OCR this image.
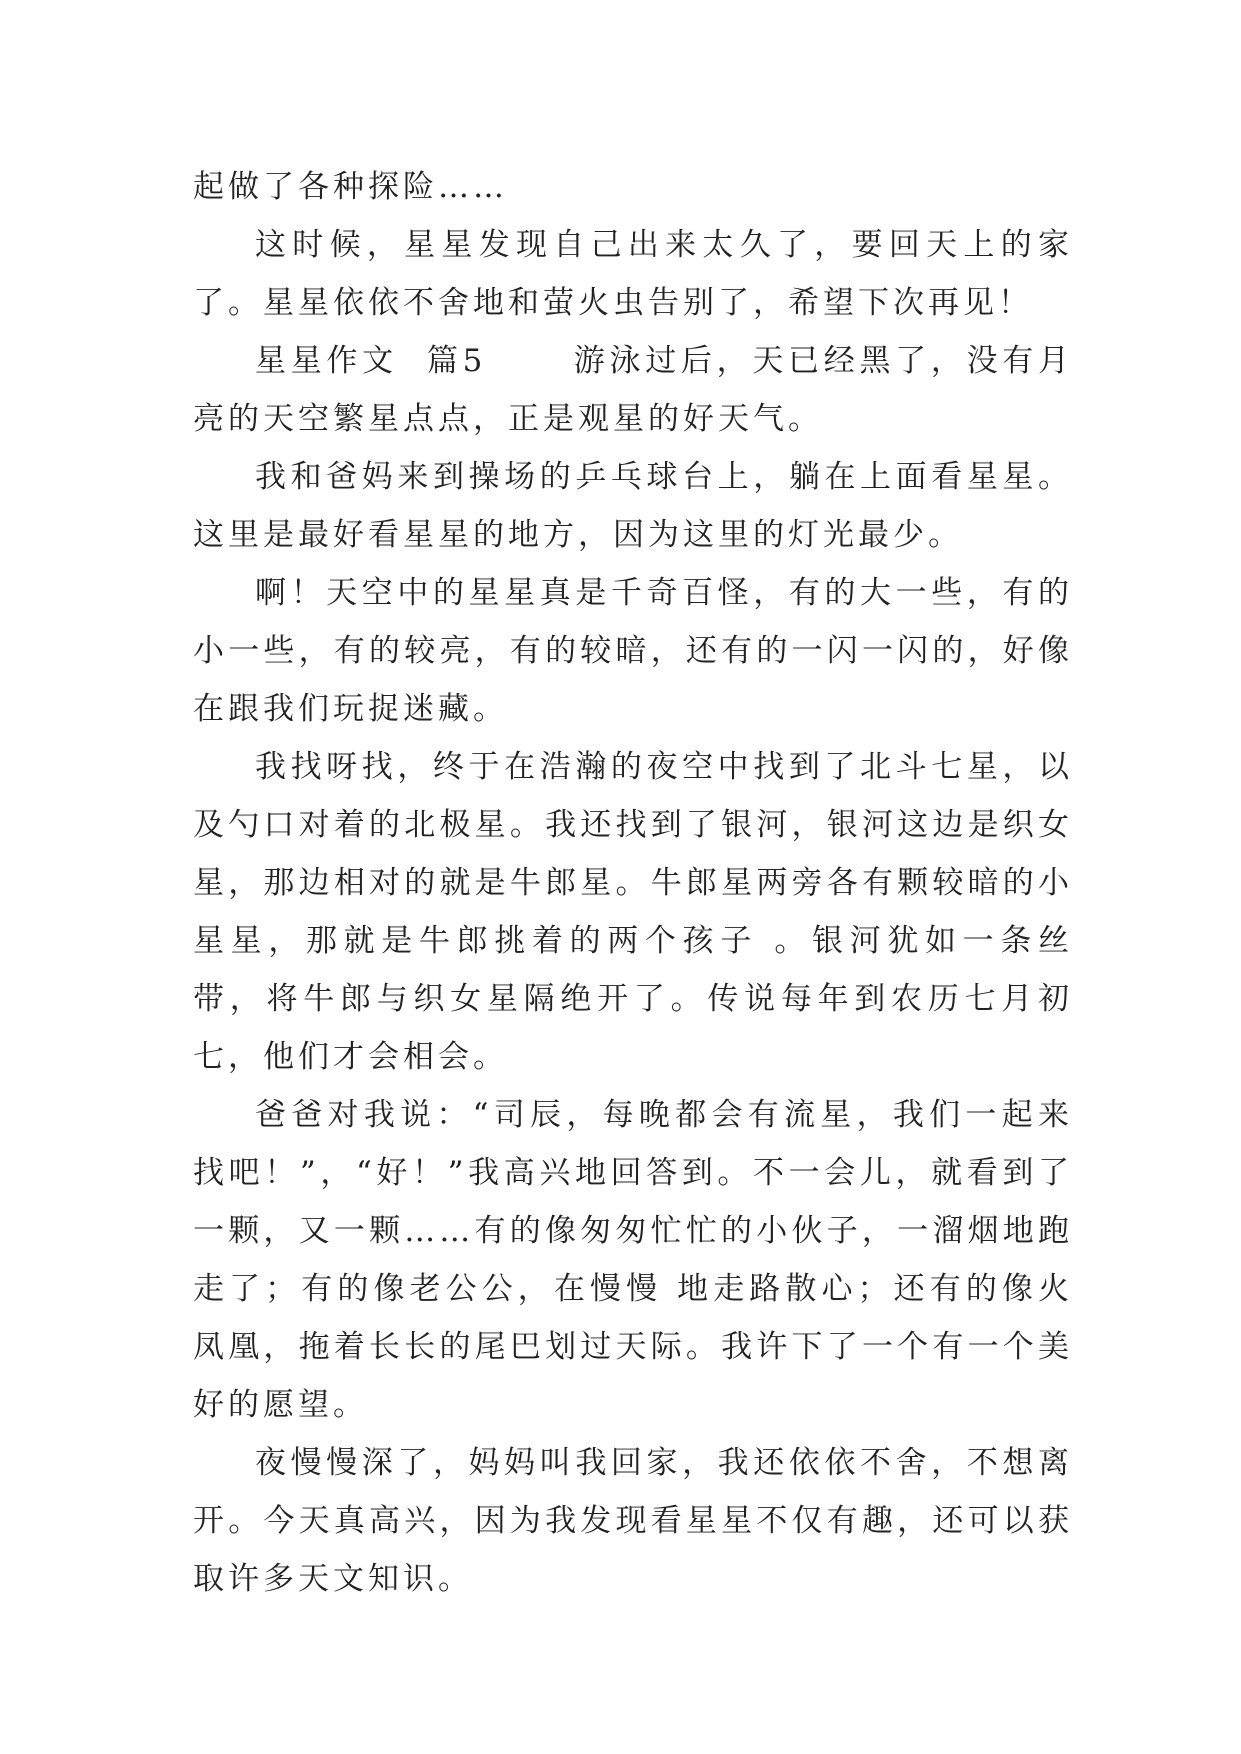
起做了各种探险……

这时候，星星发现自己出来太久了，要回天上的家了。星星依依不舍地和萤火虫告别了，希望下次再见！

星星作文  篇5      游泳过后，天已经黑了，没有月亮的天空繁星点点，正是观星的好天气。

我和爸妈来到操场的乒乓球台上，躺在上面看星星。这里是最好看星星的地方，因为这里的灯光最少。

啊！天空中的星星真是千奇百怪，有的大一些，有的小一些，有的较亮，有的较暗，还有的一闪一闪的，好像在跟我们玩捉迷藏。

我找呀找，终于在浩瀚的夜空中找到了北斗七星，以及勺口对着的北极星。我还找到了银河，银河这边是织女星，那边相对的就是牛郎星。牛郎星两旁各有颗较暗的小星星，那就是牛郎挑着的两个孩子 。银河犹如一条丝带，将牛郎与织女星隔绝开了。传说每年到农历七月初七，他们才会相会。

爸爸对我说：“司辰，每晚都会有流星，我们一起来找吧！”，“好！”我高兴地回答到。不一会儿，就看到了一颗，又一颗……有的像匆匆忙忙的小伙子，一溜烟地跑走了；有的像老公公，在慢慢 地走路散心；还有的像火凤凰，拖着长长的尾巴划过天际。我许下了一个有一个美好的愿望。

夜慢慢深了，妈妈叫我回家，我还依依不舍，不想离开。今天真高兴，因为我发现看星星不仅有趣，还可以获取许多天文知识。
